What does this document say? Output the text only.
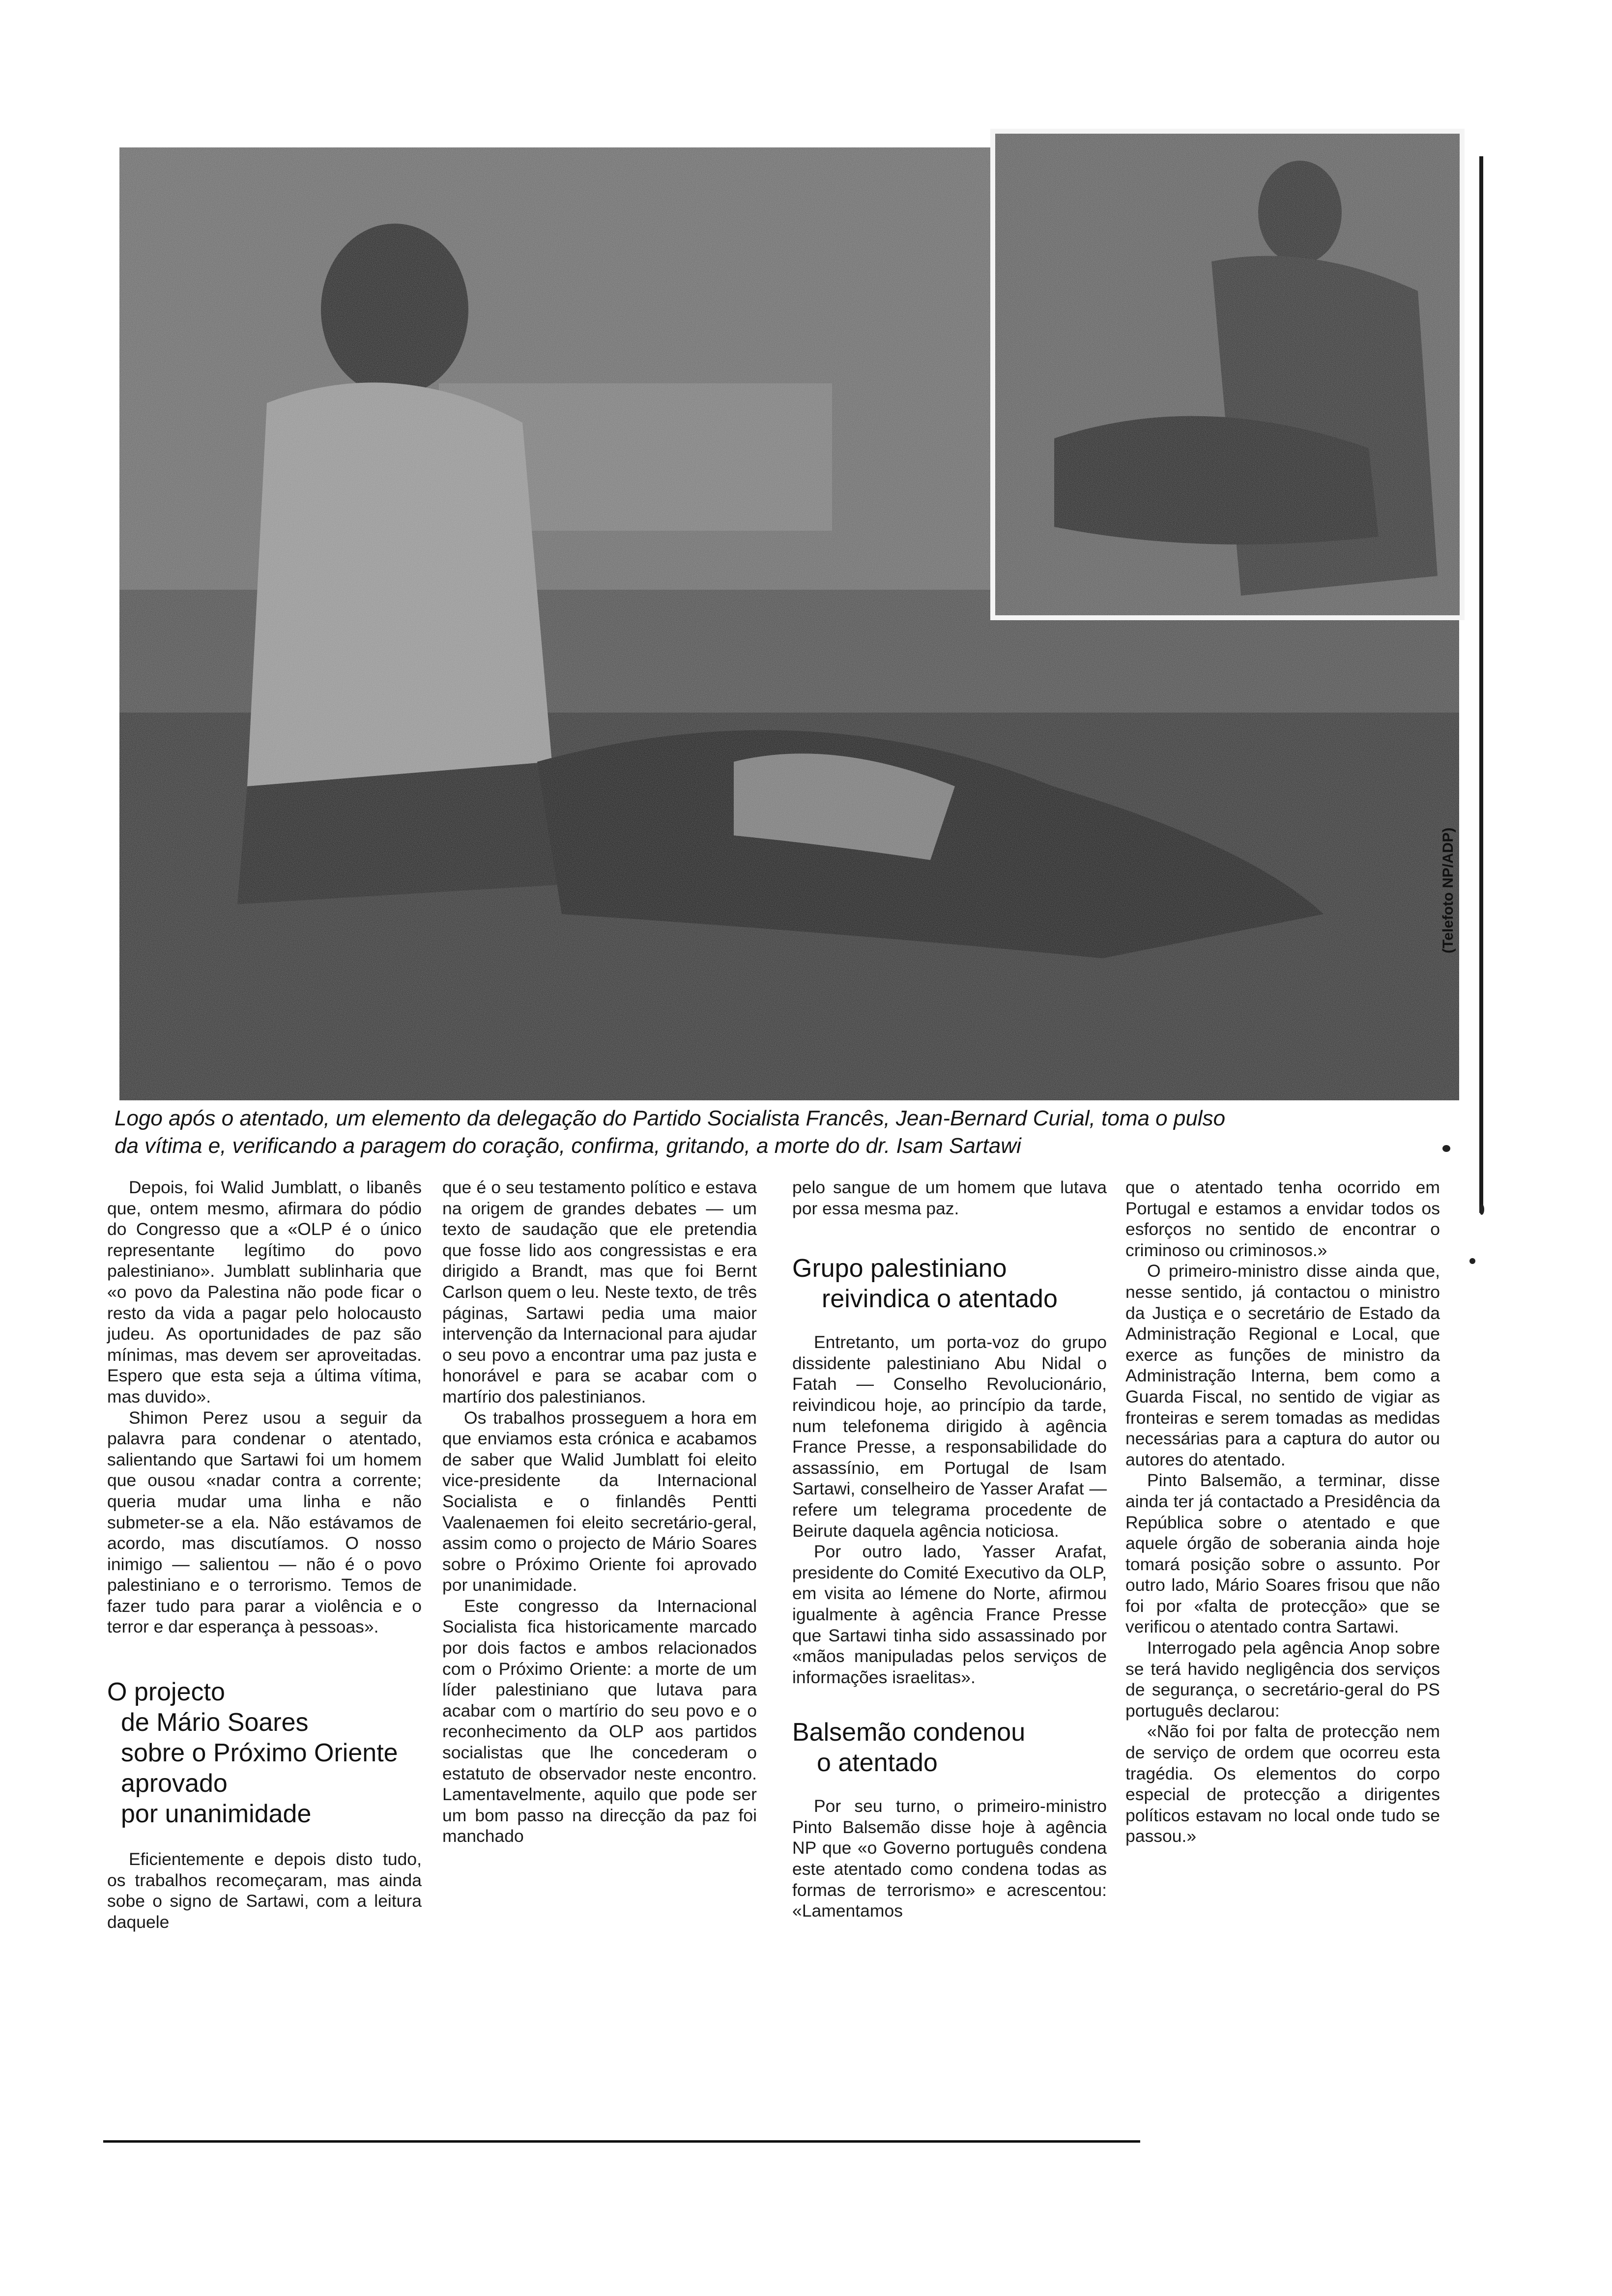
(Telefoto NP/ADP)
Logo após o atentado, um elemento da delegação do Partido Socialista Francês, Jean-Bernard Curial, toma o pulso
da vítima e, verificando a paragem do coração, confirma, gritando, a morte do dr. Isam Sartawi

Depois, foi Walid Jumblatt, o libanês que, ontem mesmo, afirmara do pódio do Congresso que a «OLP é o único representante legítimo do povo palestiniano». Jumblatt sublinharia que «o povo da Palestina não pode ficar o resto da vida a pagar pelo holocausto judeu. As oportunidades de paz são mínimas, mas devem ser aproveitadas. Espero que esta seja a última vítima, mas duvido».

Shimon Perez usou a seguir da palavra para condenar o atentado, salientando que Sartawi foi um homem que ousou «nadar contra a corrente; queria mudar uma linha e não submeter-se a ela. Não estávamos de acordo, mas discutíamos. O nosso inimigo — salientou — não é o povo palestiniano e o terrorismo. Temos de fazer tudo para parar a violência e o terror e dar esperança à pessoas».

O projecto
de Mário Soares
sobre o Próximo Oriente
aprovado
por unanimidade

Eficientemente e depois disto tudo, os trabalhos recomeçaram, mas ainda sobe o signo de Sartawi, com a leitura daquele

que é o seu testamento político e estava na origem de grandes debates — um texto de saudação que ele pretendia que fosse lido aos congressistas e era dirigido a Brandt, mas que foi Bernt Carlson quem o leu. Neste texto, de três páginas, Sartawi pedia uma maior intervenção da Internacional para ajudar o seu povo a encontrar uma paz justa e honorável e para se acabar com o martírio dos palestinianos.

Os trabalhos prosseguem a hora em que enviamos esta crónica e acabamos de saber que Walid Jumblatt foi eleito vice-presidente da Internacional Socialista e o finlandês Pentti Vaalenaemen foi eleito secretário-geral, assim como o projecto de Mário Soares sobre o Próximo Oriente foi aprovado por unanimidade.

Este congresso da Internacional Socialista fica historicamente marcado por dois factos e ambos relacionados com o Próximo Oriente: a morte de um líder palestiniano que lutava para acabar com o martírio do seu povo e o reconhecimento da OLP aos partidos socialistas que lhe concederam o estatuto de observador neste encontro. Lamentavelmente, aquilo que pode ser um bom passo na direcção da paz foi manchado

pelo sangue de um homem que lutava por essa mesma paz.

Grupo palestiniano
reivindica o atentado

Entretanto, um porta-voz do grupo dissidente palestiniano Abu Nidal o Fatah — Conselho Revolucionário, reivindicou hoje, ao princípio da tarde, num telefonema dirigido à agência France Presse, a responsabilidade do assassínio, em Portugal de Isam Sartawi, conselheiro de Yasser Arafat — refere um telegrama procedente de Beirute daquela agência noticiosa.

Por outro lado, Yasser Arafat, presidente do Comité Executivo da OLP, em visita ao Iémene do Norte, afirmou igualmente à agência France Presse que Sartawi tinha sido assassinado por «mãos manipuladas pelos serviços de informações israelitas».

Balsemão condenou
o atentado

Por seu turno, o primeiro-ministro Pinto Balsemão disse hoje à agência NP que «o Governo português condena este atentado como condena todas as formas de terrorismo» e acrescentou: «Lamentamos

que o atentado tenha ocorrido em Portugal e estamos a envidar todos os esforços no sentido de encontrar o criminoso ou criminosos.»

O primeiro-ministro disse ainda que, nesse sentido, já contactou o ministro da Justiça e o secretário de Estado da Administração Regional e Local, que exerce as funções de ministro da Administração Interna, bem como a Guarda Fiscal, no sentido de vigiar as fronteiras e serem tomadas as medidas necessárias para a captura do autor ou autores do atentado.

Pinto Balsemão, a terminar, disse ainda ter já contactado a Presidência da República sobre o atentado e que aquele órgão de soberania ainda hoje tomará posição sobre o assunto. Por outro lado, Mário Soares frisou que não foi por «falta de protecção» que se verificou o atentado contra Sartawi.

Interrogado pela agência Anop sobre se terá havido negligência dos serviços de segurança, o secretário-geral do PS português declarou:

«Não foi por falta de protecção nem de serviço de ordem que ocorreu esta tragédia. Os elementos do corpo especial de protecção a dirigentes políticos estavam no local onde tudo se passou.»
